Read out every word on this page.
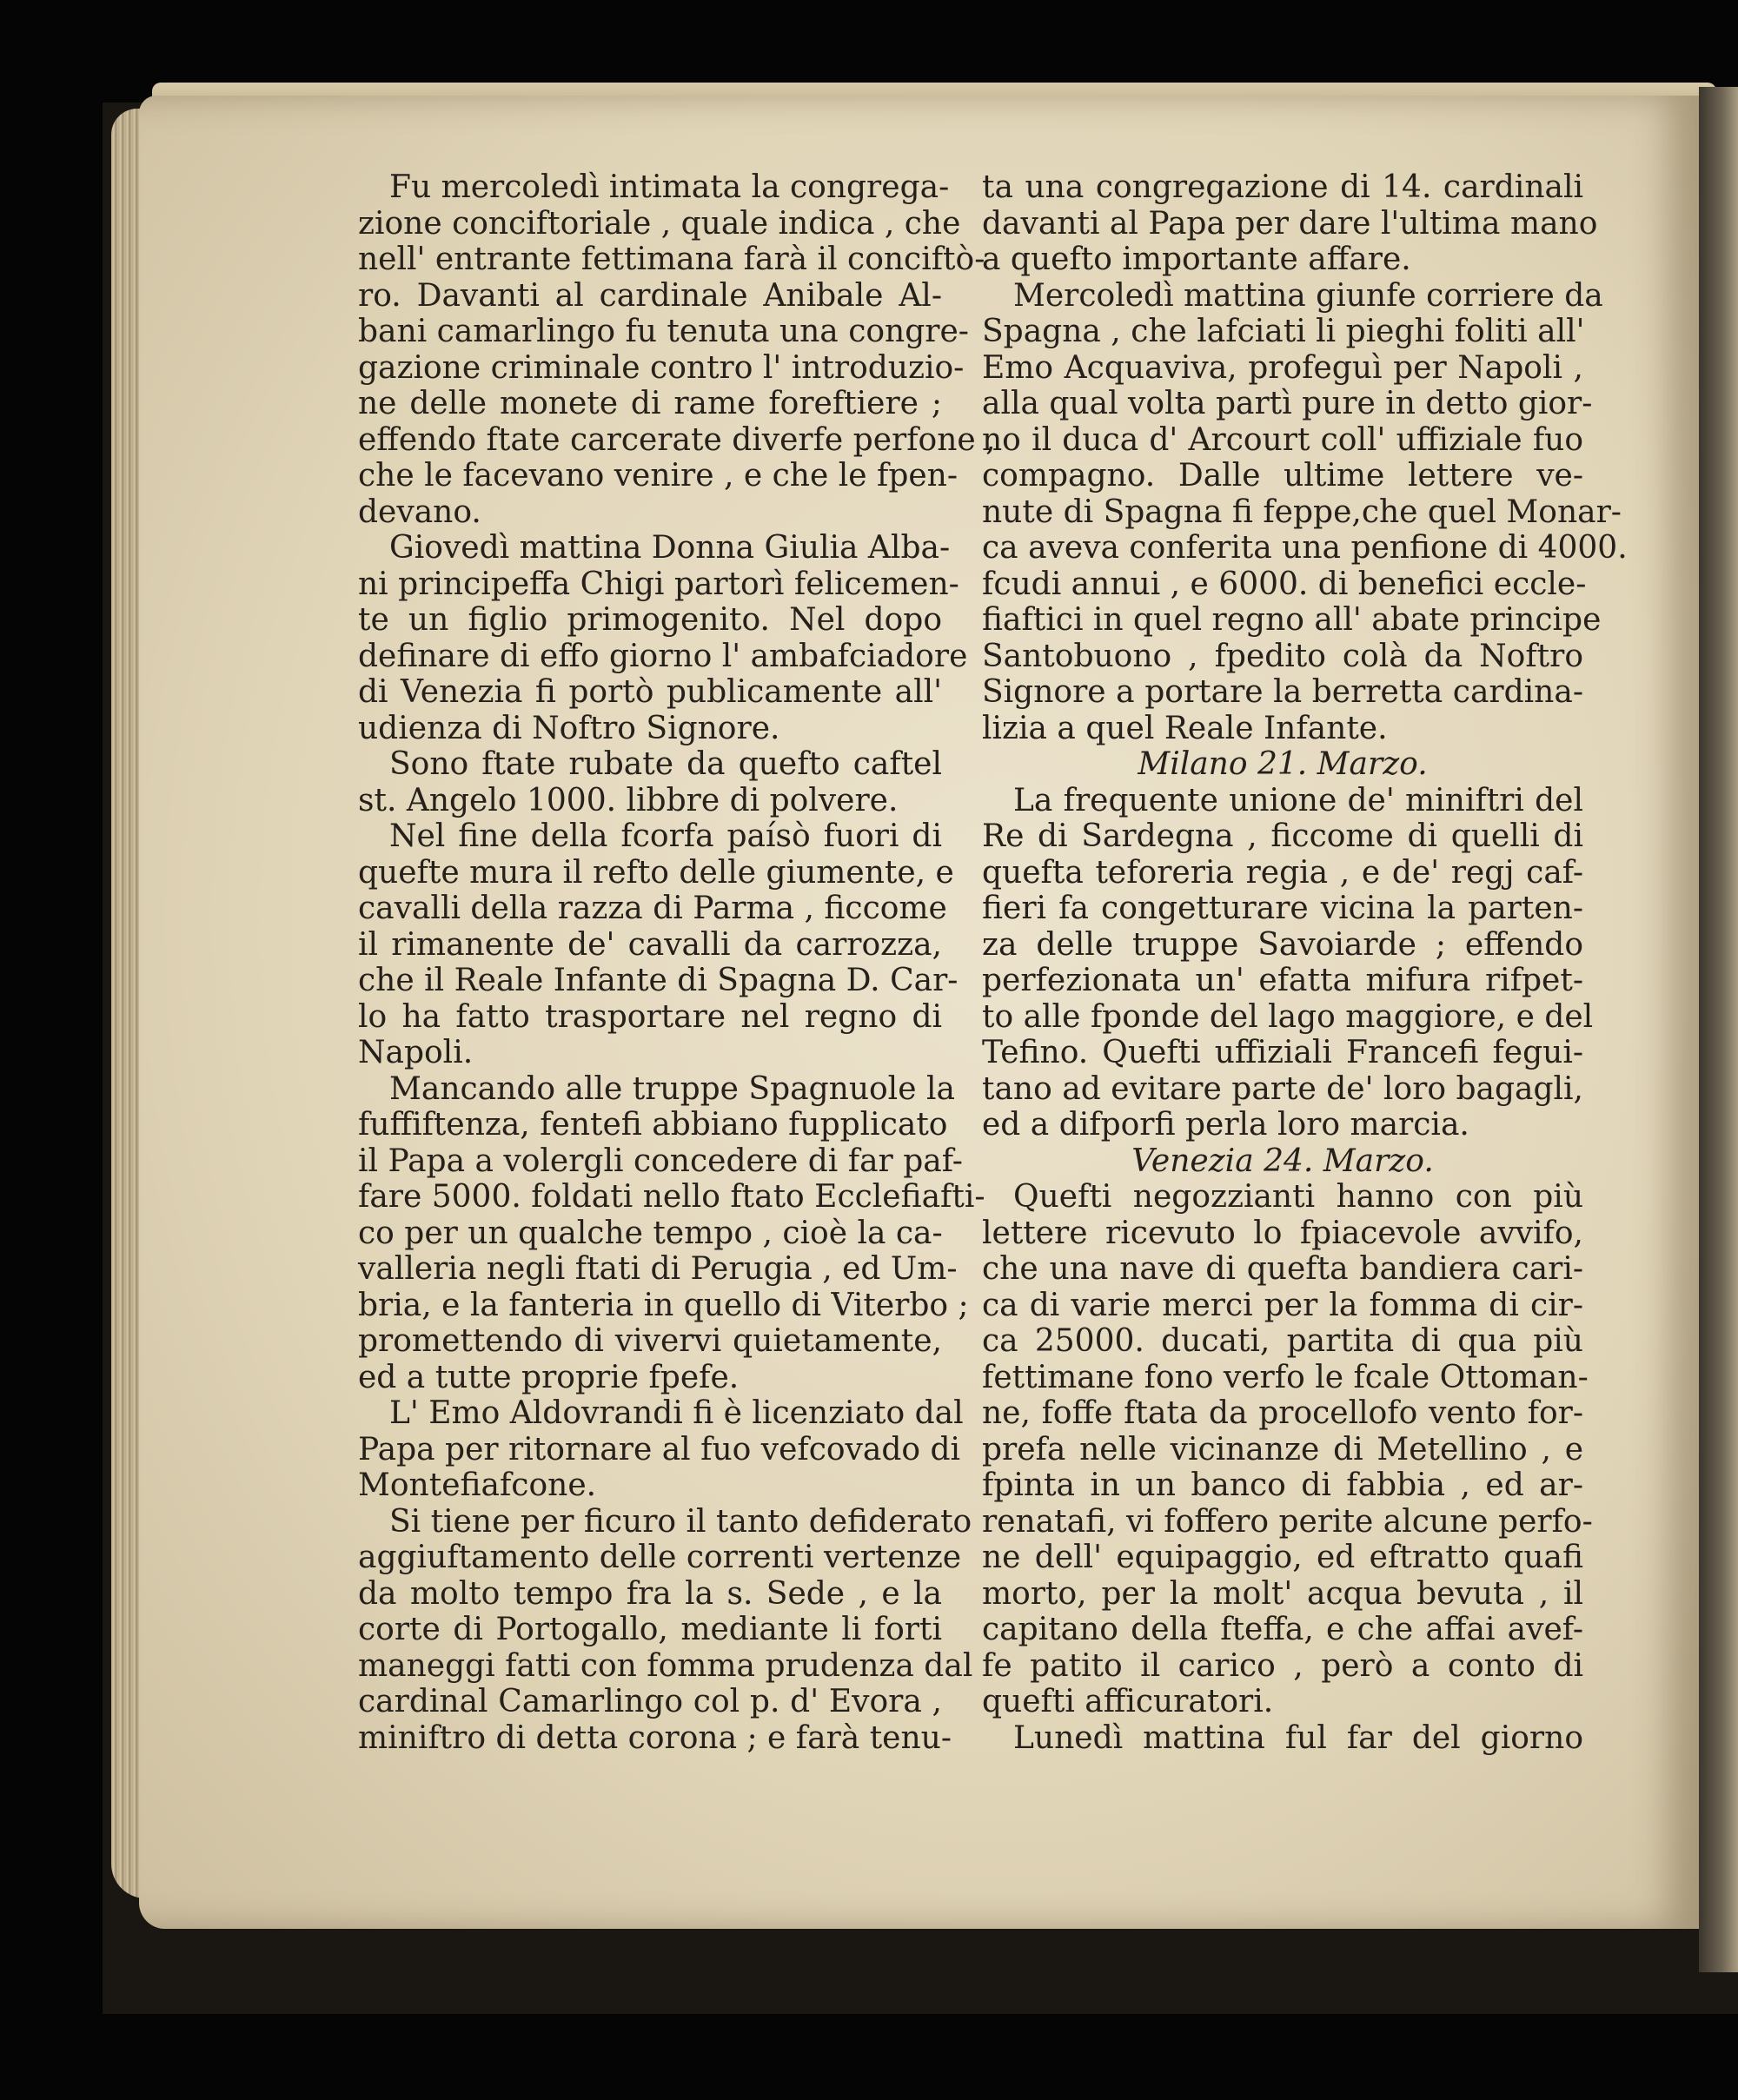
Fu mercoledì intimata la congrega-
zione conciftoriale , quale indica , che
nell' entrante fettimana farà il conciftò-
ro. Davanti al cardinale Anibale Al-
bani camarlingo fu tenuta una congre-
gazione criminale contro l' introduzio-
ne delle monete di rame foreftiere ;
effendo ftate carcerate diverfe perfone ,
che le facevano venire , e che le fpen-
devano.
Giovedì mattina Donna Giulia Alba-
ni principeffa Chigi partorì felicemen-
te un figlio primogenito. Nel dopo
definare di effo giorno l' ambafciadore
di Venezia fi portò publicamente all'
udienza di Noftro Signore.
Sono ftate rubate da quefto caftel
st. Angelo 1000. libbre di polvere.
Nel fine della fcorfa paísò fuori di
quefte mura il refto delle giumente, e
cavalli della razza di Parma , ficcome
il rimanente de' cavalli da carrozza,
che il Reale Infante di Spagna D. Car-
lo ha fatto trasportare nel regno di
Napoli.
Mancando alle truppe Spagnuole la
fuffiftenza, fentefi abbiano fupplicato
il Papa a volergli concedere di far paf-
fare 5000. foldati nello ftato Ecclefiafti-
co per un qualche tempo , cioè la ca-
valleria negli ftati di Perugia , ed Um-
bria, e la fanteria in quello di Viterbo ;
promettendo di vivervi quietamente,
ed a tutte proprie fpefe.
L' Emo Aldovrandi fi è licenziato dal
Papa per ritornare al fuo vefcovado di
Montefiafcone.
Si tiene per ficuro il tanto defiderato
aggiuftamento delle correnti vertenze
da molto tempo fra la s. Sede , e la
corte di Portogallo, mediante li forti
maneggi fatti con fomma prudenza dal
cardinal Camarlingo col p. d' Evora ,
miniftro di detta corona ; e farà tenu-
ta una congregazione di 14. cardinali
davanti al Papa per dare l'ultima mano
a quefto importante affare.
Mercoledì mattina giunfe corriere da
Spagna , che lafciati li pieghi foliti all'
Emo Acquaviva, profeguì per Napoli ,
alla qual volta partì pure in detto gior-
no il duca d' Arcourt coll' uffiziale fuo
compagno. Dalle ultime lettere ve-
nute di Spagna fi feppe,che quel Monar-
ca aveva conferita una penfione di 4000.
fcudi annui , e 6000. di benefici eccle-
fiaftici in quel regno all' abate principe
Santobuono , fpedito colà da Noftro
Signore a portare la berretta cardina-
lizia a quel Reale Infante.
Milano 21. Marzo.
La frequente unione de' miniftri del
Re di Sardegna , ficcome di quelli di
quefta teforeria regia , e de' regj caf-
fieri fa congetturare vicina la parten-
za delle truppe Savoiarde ; effendo
perfezionata un' efatta mifura rifpet-
to alle fponde del lago maggiore, e del
Tefino. Quefti uffiziali Francefi fegui-
tano ad evitare parte de' loro bagagli,
ed a difporfi perla loro marcia.
Venezia 24. Marzo.
Quefti negozzianti hanno con più
lettere ricevuto lo fpiacevole avvifo,
che una nave di quefta bandiera cari-
ca di varie merci per la fomma di cir-
ca 25000. ducati, partita di qua più
fettimane fono verfo le fcale Ottoman-
ne, foffe ftata da procellofo vento for-
prefa nelle vicinanze di Metellino , e
fpinta in un banco di fabbia , ed ar-
renatafi, vi foffero perite alcune perfo-
ne dell' equipaggio, ed eftratto quafi
morto, per la molt' acqua bevuta , il
capitano della fteffa, e che affai avef-
fe patito il carico , però a conto di
quefti afficuratori.
Lunedì mattina ful far del giorno
